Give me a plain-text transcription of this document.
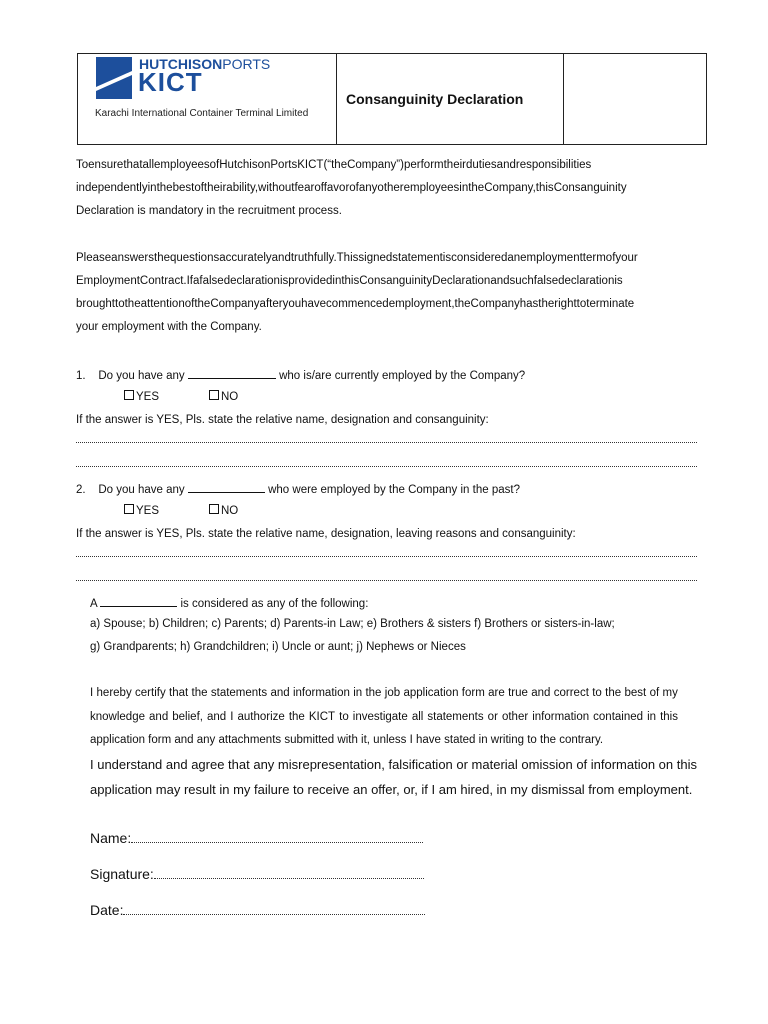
HUTCHISONPORTS
KICT
Karachi International Container Terminal Limited
Consanguinity Declaration
ToensurethatallemployeesofHutchisonPortsKICT(“theCompany”)performtheirdutiesandresponsibilities
independentlyinthebestoftheirability,withoutfearoffavorofanyotheremployeesintheCompany,thisConsanguinity
Declaration is mandatory in the recruitment process.
Pleaseanswersthequestionsaccuratelyandtruthfully.Thissignedstatementisconsideredanemploymenttermofyour
EmploymentContract.IfafalsedeclarationisprovidedinthisConsanguinityDeclarationandsuchfalsedeclarationis
broughttotheattentionoftheCompanyafteryouhavecommencedemployment,theCompanyhastherighttoterminate
your employment with the Company.
1. Do you have any	who is/are currently employed by the Company?
YES	NO
If the answer is YES, Pls. state the relative name, designation and consanguinity:
2. Do you have any	who were employed by the Company in the past?
YES	NO
If the answer is YES, Pls. state the relative name, designation, leaving reasons and consanguinity:
A	is considered as any of the following:
a) Spouse; b) Children; c) Parents; d) Parents-in Law; e) Brothers & sisters f) Brothers or sisters-in-law;
g) Grandparents; h) Grandchildren; i) Uncle or aunt; j) Nephews or Nieces
I hereby certify that the statements and information in the job application form are true and correct to the best of my
knowledge and belief, and I authorize the KICT to investigate all statements or other information contained in this
application form and any attachments submitted with it, unless I have stated in writing to the contrary.
I understand and agree that any misrepresentation, falsification or material omission of information on this
application may result in my failure to receive an offer, or, if I am hired, in my dismissal from employment.
Name:
Signature:
Date:
